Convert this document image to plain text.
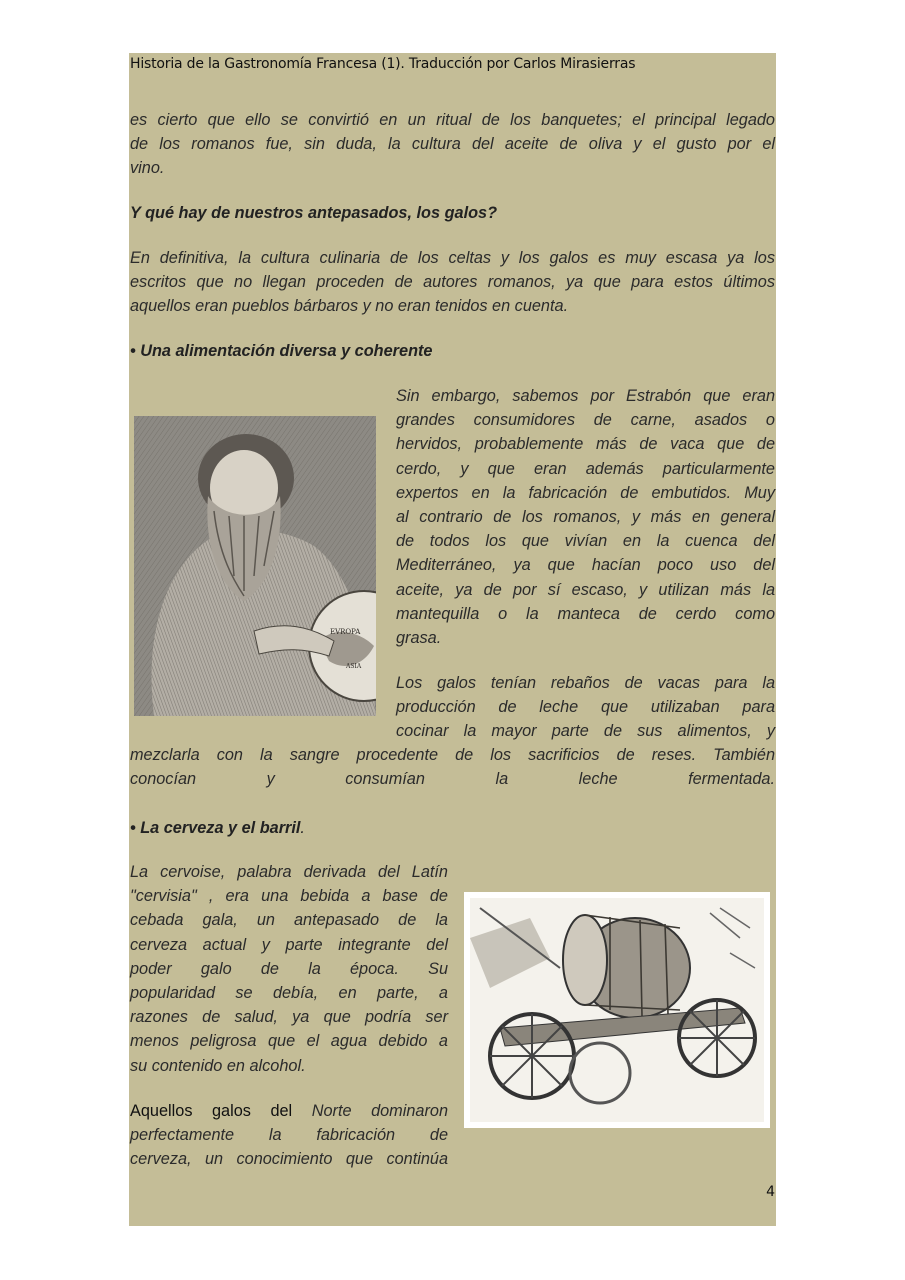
Historia de la Gastronomía Francesa (1). Traducción por Carlos Mirasierras
es cierto que ello se convirtió en un ritual de los banquetes; el principal legado
de los romanos fue, sin duda, la cultura del aceite de oliva y el gusto por el
vino.
Y qué hay de nuestros antepasados, los galos?
En definitiva, la cultura culinaria de los celtas y los galos es muy escasa ya los
escritos que no llegan proceden de autores romanos, ya que para estos últimos
aquellos eran pueblos bárbaros y no eran tenidos en cuenta.
• Una alimentación diversa y coherente
EVROPA
ASIA
Sin embargo, sabemos por Estrabón que eran
grandes consumidores de carne, asados o
hervidos, probablemente más de vaca que de
cerdo, y que eran además particularmente
expertos en la fabricación de embutidos. Muy
al contrario de los romanos, y más en general
de todos los que vivían en la cuenca del
Mediterráneo, ya que hacían poco uso del
aceite, ya de por sí escaso, y utilizan más la
mantequilla o la manteca de cerdo como
grasa.
Los galos tenían rebaños de vacas para la
producción de leche que utilizaban para
cocinar la mayor parte de sus alimentos, y
mezclarla con la sangre procedente de los sacrificios de reses. También
conocían y consumían la leche fermentada.
• La cerveza y el barril.
La cervoise, palabra derivada del Latín
"cervisia" , era una bebida a base de
cebada gala, un antepasado de la
cerveza actual y parte integrante del
poder galo de la época. Su
popularidad se debía, en parte, a
razones de salud, ya que podría ser
menos peligrosa que el agua debido a
su contenido en alcohol.
Aquellos galos del Norte dominaron
perfectamente la fabricación de
cerveza, un conocimiento que continúa
4
